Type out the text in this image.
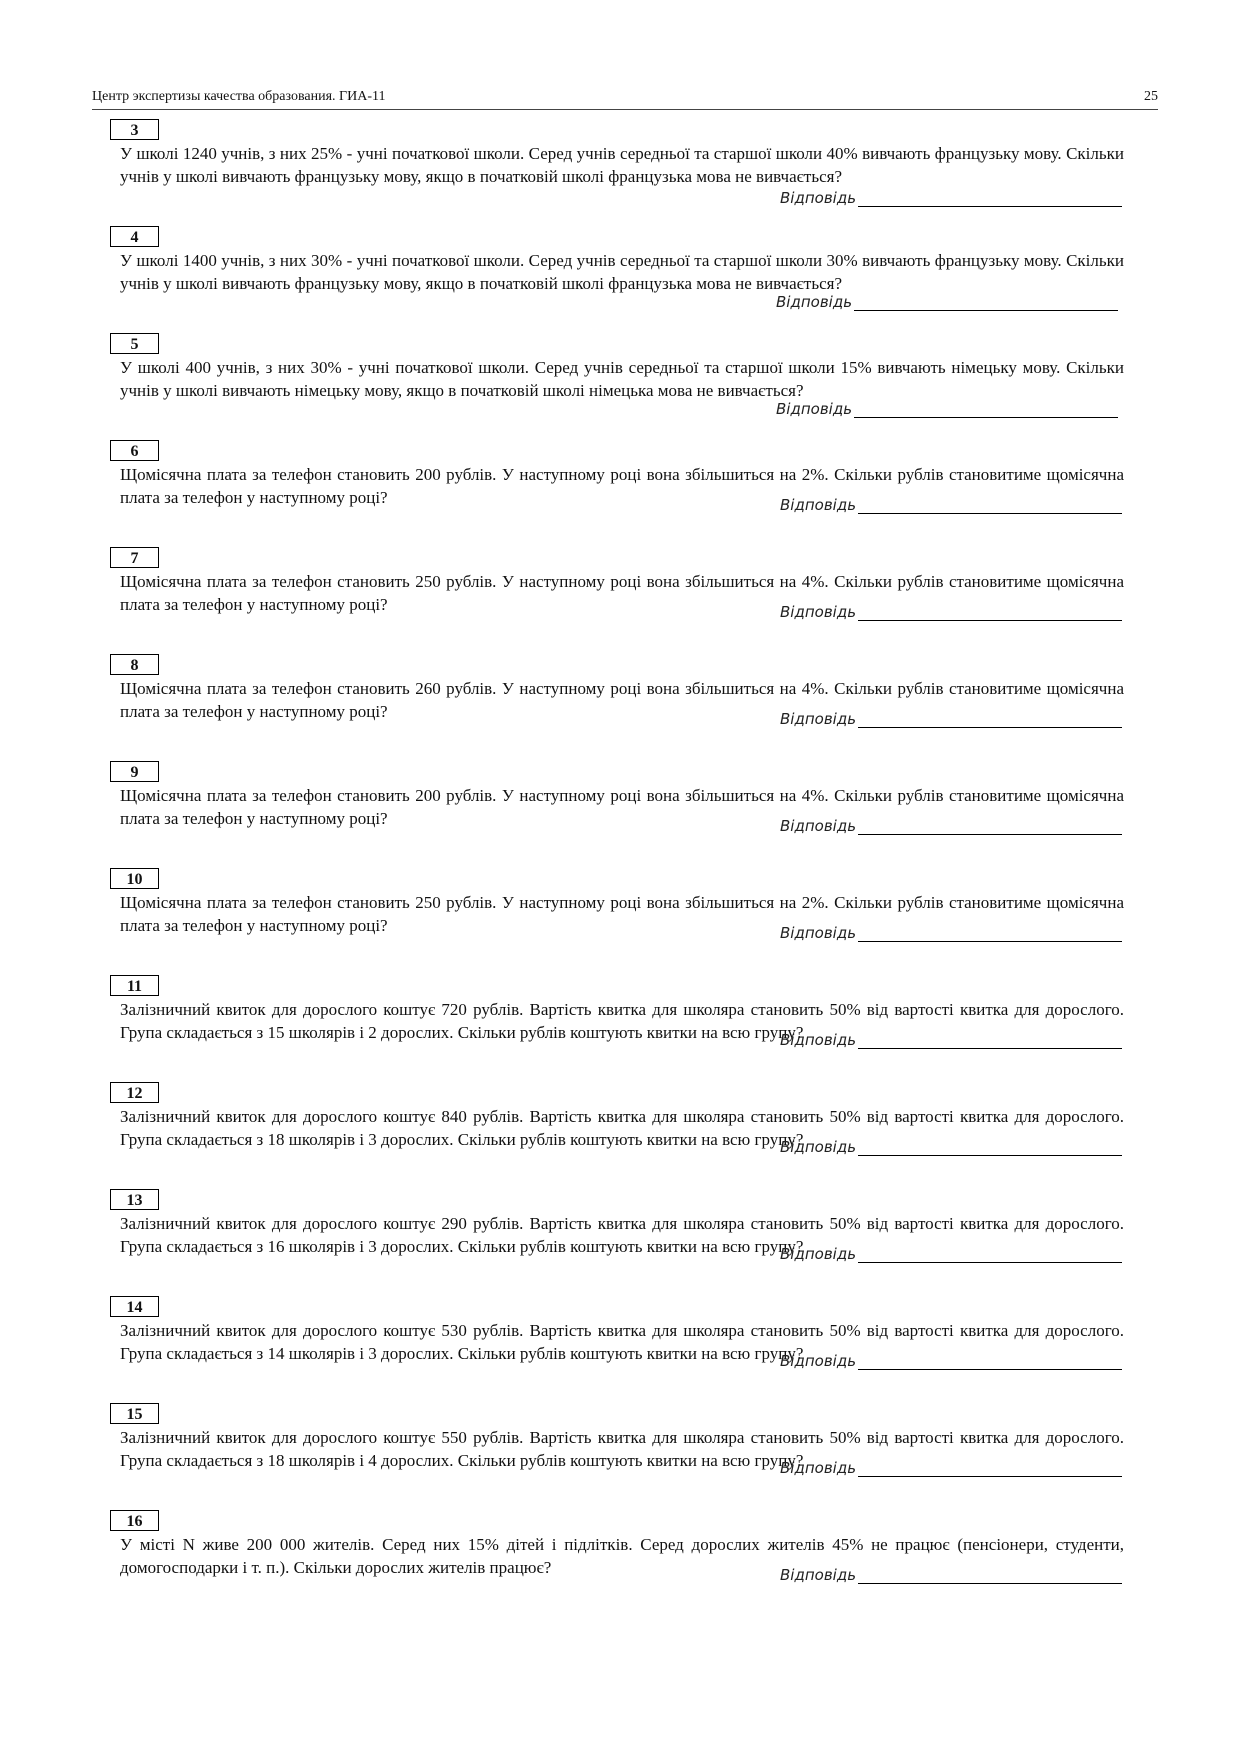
Центр экспертизы качества образования. ГИА-11	25
3

У школі 1240 учнів, з них 25% - учні початкової школи. Серед учнів середньої та старшої школи 40% вивчають французьку мову. Скільки учнів у школі вивчають французьку мову, якщо в початковій школі французька мова не вивчається?

Відповідь
4

У школі 1400 учнів, з них 30% - учні початкової школи. Серед учнів середньої та старшої школи 30% вивчають французьку мову. Скільки учнів у школі вивчають французьку мову, якщо в початковій школі французька мова не вивчається?

Відповідь
5

У школі 400 учнів, з них 30% - учні початкової школи. Серед учнів середньої та старшої школи 15% вивчають німецьку мову. Скільки учнів у школі вивчають німецьку мову, якщо в початковій школі німецька мова не вивчається?

Відповідь
6

Щомісячна плата за телефон становить 200 рублів. У наступному році вона збільшиться на 2%. Скільки рублів становитиме щомісячна плата за телефон у наступному році?	Відповідь
7

Щомісячна плата за телефон становить 250 рублів. У наступному році вона збільшиться на 4%. Скільки рублів становитиме щомісячна плата за телефон у наступному році?	Відповідь
8

Щомісячна плата за телефон становить 260 рублів. У наступному році вона збільшиться на 4%. Скільки рублів становитиме щомісячна плата за телефон у наступному році?	Відповідь
9

Щомісячна плата за телефон становить 200 рублів. У наступному році вона збільшиться на 4%. Скільки рублів становитиме щомісячна плата за телефон у наступному році?	Відповідь
10

Щомісячна плата за телефон становить 250 рублів. У наступному році вона збільшиться на 2%. Скільки рублів становитиме щомісячна плата за телефон у наступному році?	Відповідь
11

Залізничний квиток для дорослого коштує 720 рублів. Вартість квитка для школяра становить 50% від вартості квитка для дорослого. Група складається з 15 школярів і 2 дорослих. Скільки рублів коштують квитки на всю групу?

Відповідь
12

Залізничний квиток для дорослого коштує 840 рублів. Вартість квитка для школяра становить 50% від вартості квитка для дорослого. Група складається з 18 школярів і 3 дорослих. Скільки рублів коштують квитки на всю групу?

Відповідь
13

Залізничний квиток для дорослого коштує 290 рублів. Вартість квитка для школяра становить 50% від вартості квитка для дорослого. Група складається з 16 школярів і 3 дорослих. Скільки рублів коштують квитки на всю групу?

Відповідь
14

Залізничний квиток для дорослого коштує 530 рублів. Вартість квитка для школяра становить 50% від вартості квитка для дорослого. Група складається з 14 школярів і 3 дорослих. Скільки рублів коштують квитки на всю групу?

Відповідь
15

Залізничний квиток для дорослого коштує 550 рублів. Вартість квитка для школяра становить 50% від вартості квитка для дорослого. Група складається з 18 школярів і 4 дорослих. Скільки рублів коштують квитки на всю групу?

Відповідь
16

У місті N живе 200 000 жителів. Серед них 15% дітей і підлітків. Серед дорослих жителів 45% не працює (пенсіонери, студенти, домогосподарки і т. п.). Скільки дорослих жителів працює?	Відповідь
